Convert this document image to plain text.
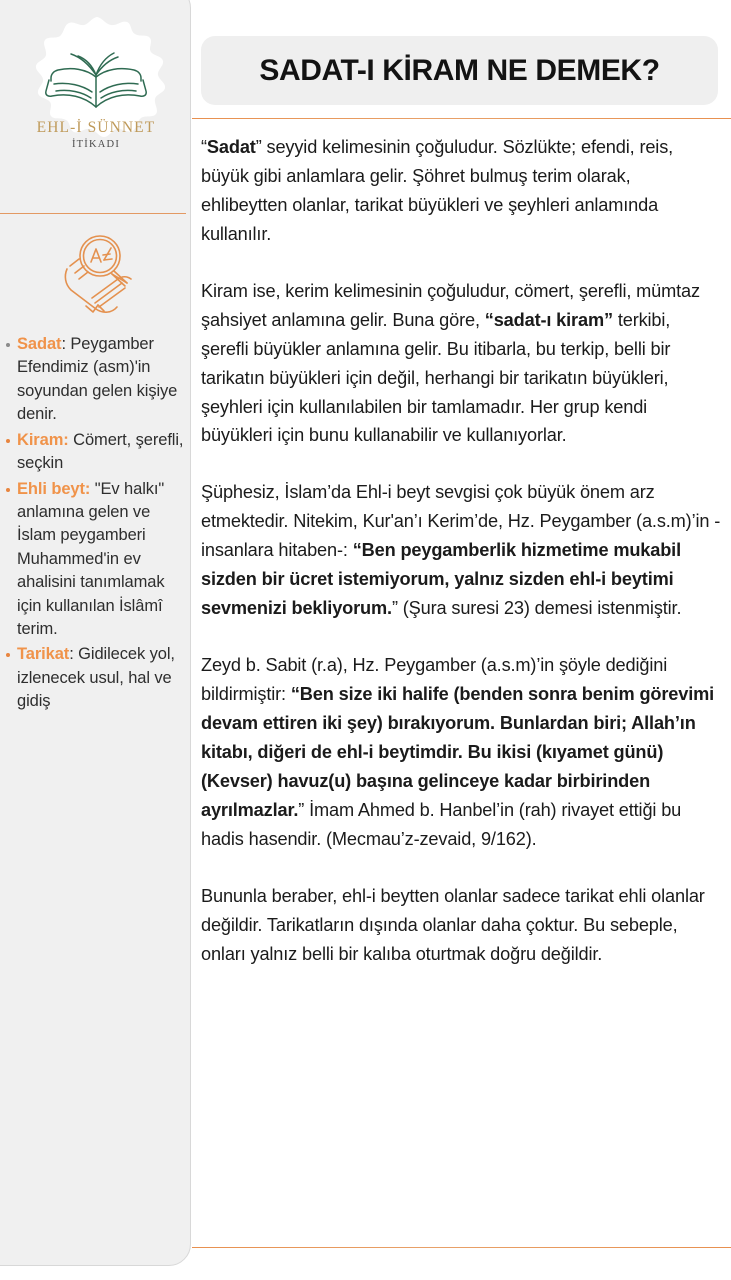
EHL-İ SÜNNET
İTİKADI
Sadat: Peygamber Efendimiz (asm)'in soyundan gelen kişiye denir.
Kiram: Cömert, şerefli, seçkin
Ehli beyt: "Ev halkı" anlamına gelen ve İslam peygamberi Muhammed'in ev ahalisini tanımlamak için kullanılan İslâmî terim.
Tarikat: Gidilecek yol, izlenecek usul, hal ve gidiş
SADAT-I KİRAM NE DEMEK?

“Sadat” seyyid kelimesinin çoğuludur. Sözlükte; efendi, reis, büyük gibi anlamlara gelir. Şöhret bulmuş terim olarak, ehlibeytten olanlar, tarikat büyükleri ve şeyhleri anlamında kullanılır.

Kiram ise, kerim kelimesinin çoğuludur, cömert, şerefli, mümtaz şahsiyet anlamına gelir. Buna göre, “sadat-ı kiram” terkibi, şerefli büyükler anlamına gelir. Bu itibarla, bu terkip, belli bir tarikatın büyükleri için değil, herhangi bir tarikatın büyükleri, şeyhleri için kullanılabilen bir tamlamadır. Her grup kendi büyükleri için bunu kullanabilir ve kullanıyorlar.

Şüphesiz, İslam’da Ehl-i beyt sevgisi çok büyük önem arz etmektedir. Nitekim, Kur'an’ı Kerim’de, Hz. Peygamber (a.s.m)’in -insanlara hitaben-: “Ben peygamberlik hizmetime mukabil sizden bir ücret istemiyorum, yalnız sizden ehl-i beytimi sevmenizi bekliyorum.” (Şura suresi 23) demesi istenmiştir.

Zeyd b. Sabit (r.a), Hz. Peygamber (a.s.m)’in şöyle dediğini bildirmiştir: “Ben size iki halife (benden sonra benim görevimi devam ettiren iki şey) bırakıyorum. Bunlardan biri; Allah’ın kitabı, diğeri de ehl-i beytimdir. Bu ikisi (kıyamet günü) (Kevser) havuz(u) başına gelinceye kadar birbirinden ayrılmazlar.” İmam Ahmed b. Hanbel’in (rah) rivayet ettiği bu hadis hasendir. (Mecmau’z-zevaid, 9/162).

Bununla beraber, ehl-i beytten olanlar sadece tarikat ehli olanlar değildir. Tarikatların dışında olanlar daha çoktur. Bu sebeple, onları yalnız belli bir kalıba oturtmak doğru değildir.
